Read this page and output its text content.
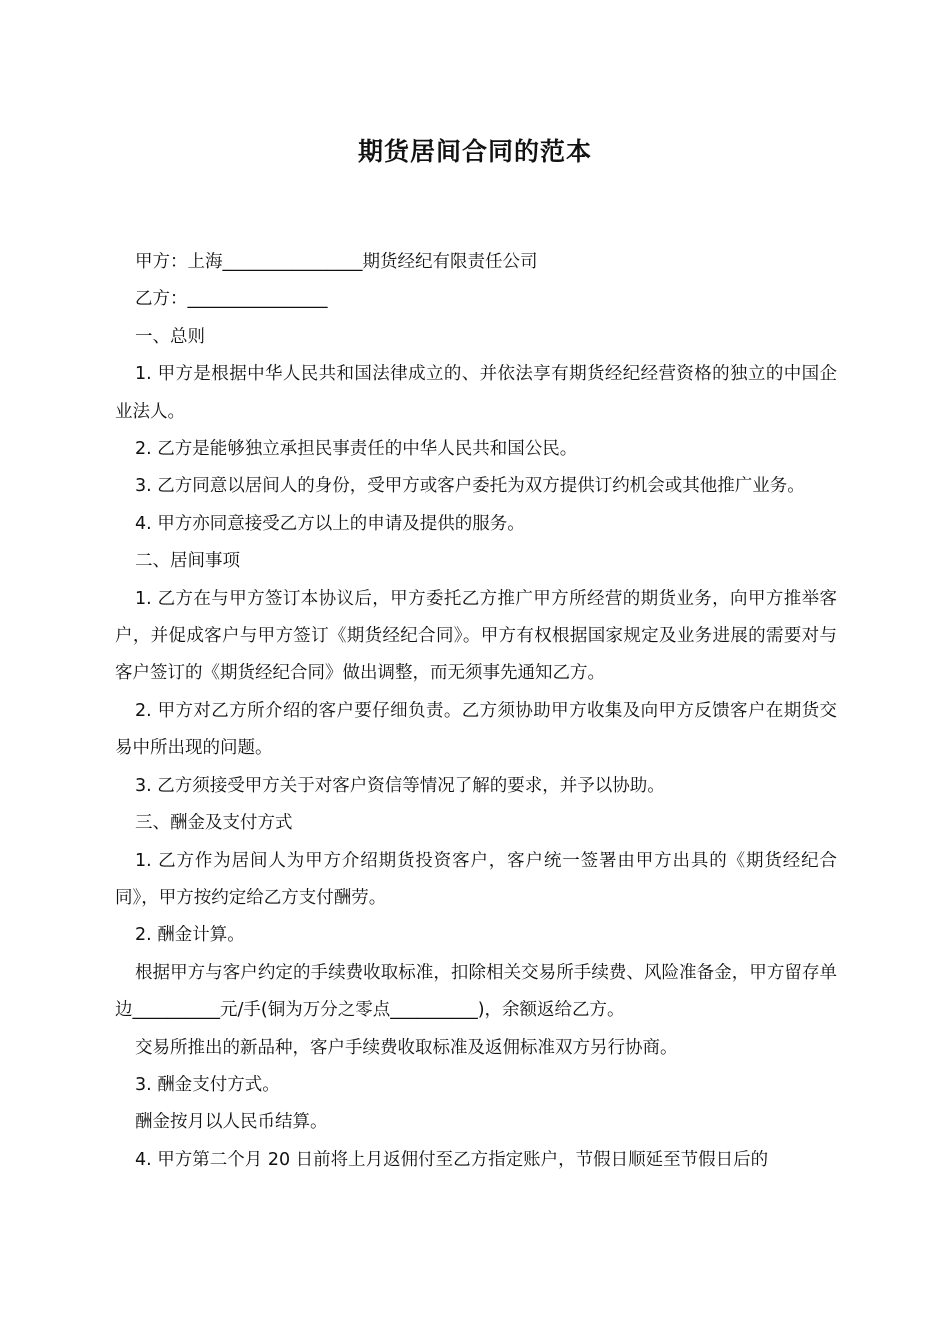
期货居间合同的范本

甲方：上海________________期货经纪有限责任公司

乙方：________________

一、总则

1. 甲方是根据中华人民共和国法律成立的、并依法享有期货经纪经营资格的独立的中国企业法人。

2. 乙方是能够独立承担民事责任的中华人民共和国公民。

3. 乙方同意以居间人的身份，受甲方或客户委托为双方提供订约机会或其他推广业务。

4. 甲方亦同意接受乙方以上的申请及提供的服务。

二、居间事项

1. 乙方在与甲方签订本协议后，甲方委托乙方推广甲方所经营的期货业务，向甲方推举客户，并促成客户与甲方签订《期货经纪合同》。甲方有权根据国家规定及业务进展的需要对与客户签订的《期货经纪合同》做出调整，而无须事先通知乙方。

2. 甲方对乙方所介绍的客户要仔细负责。乙方须协助甲方收集及向甲方反馈客户在期货交易中所出现的问题。

3. 乙方须接受甲方关于对客户资信等情况了解的要求，并予以协助。

三、酬金及支付方式

1. 乙方作为居间人为甲方介绍期货投资客户，客户统一签署由甲方出具的《期货经纪合同》，甲方按约定给乙方支付酬劳。

2. 酬金计算。

根据甲方与客户约定的手续费收取标准，扣除相关交易所手续费、风险准备金，甲方留存单边__________元/手(铜为万分之零点__________)，余额返给乙方。

交易所推出的新品种，客户手续费收取标准及返佣标准双方另行协商。

3. 酬金支付方式。

酬金按月以人民币结算。

4. 甲方第二个月 20 日前将上月返佣付至乙方指定账户，节假日顺延至节假日后的
